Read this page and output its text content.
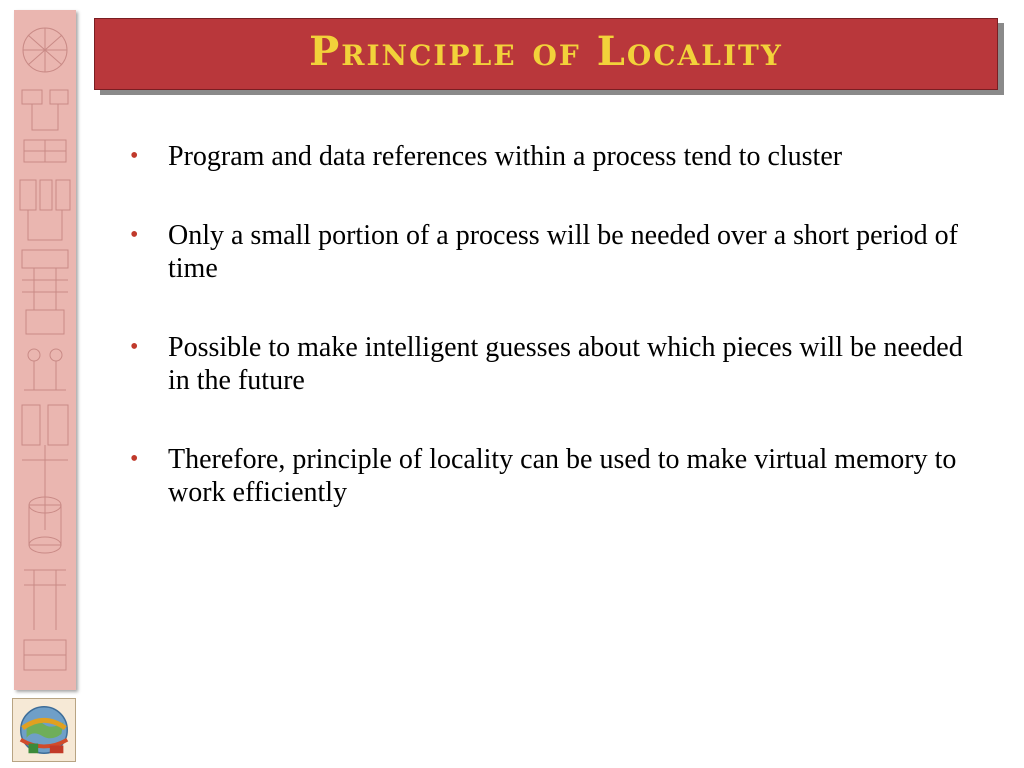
Principle of Locality
• Program and data references within a process tend to cluster
• Only a small portion of a process will be needed over a short period of time
• Possible to make intelligent guesses about which pieces will be needed in the future
• Therefore, principle of locality can be used to make virtual memory to work efficiently
